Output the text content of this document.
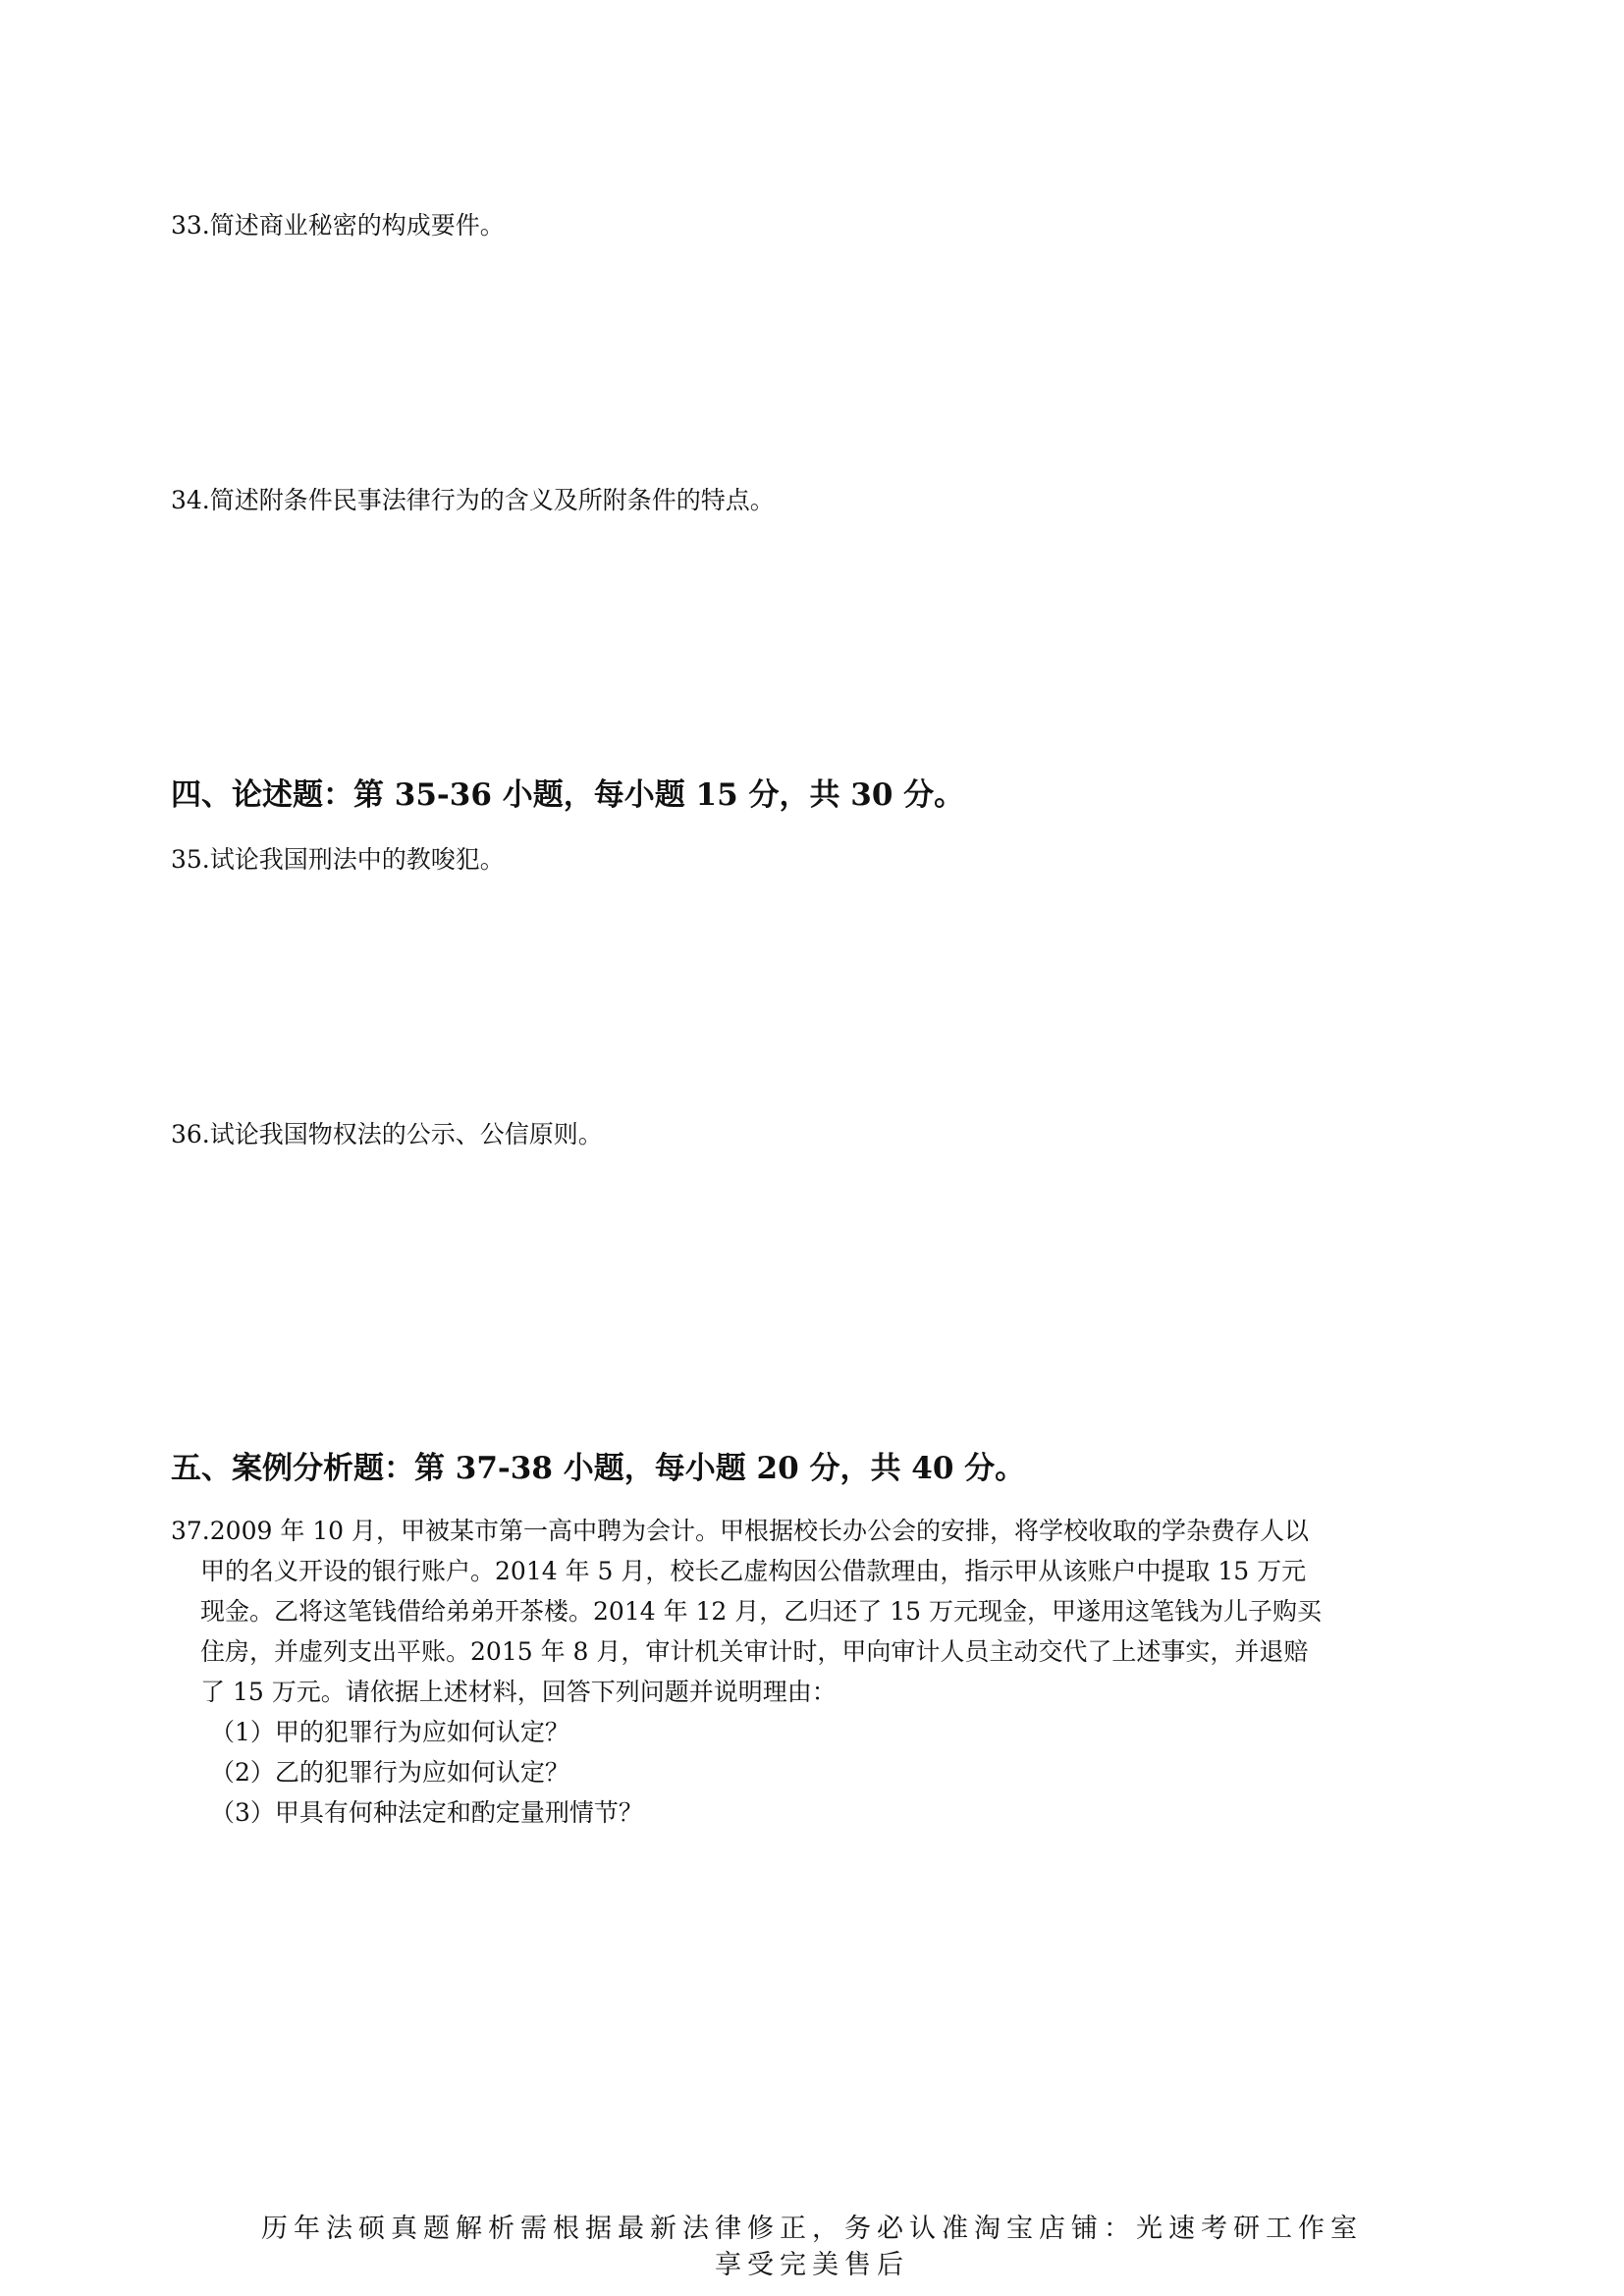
33.简述商业秘密的构成要件。

34.简述附条件民事法律行为的含义及所附条件的特点。

四、论述题：第 35-36 小题，每小题 15 分，共 30 分。

35.试论我国刑法中的教唆犯。

36.试论我国物权法的公示、公信原则。

五、案例分析题：第 37-38 小题，每小题 20 分，共 40 分。

37.2009 年 10 月，甲被某市第一高中聘为会计。甲根据校长办公会的安排，将学校收取的学杂费存人以

甲的名义开设的银行账户。2014 年 5 月，校长乙虚构因公借款理由，指示甲从该账户中提取 15 万元

现金。乙将这笔钱借给弟弟开茶楼。2014 年 12 月，乙归还了 15 万元现金，甲遂用这笔钱为儿子购买

住房，并虚列支出平账。2015 年 8 月，审计机关审计时，甲向审计人员主动交代了上述事实，并退赔

了 15 万元。请依据上述材料，回答下列问题并说明理由：

（1）甲的犯罪行为应如何认定？

（2）乙的犯罪行为应如何认定？

（3）甲具有何种法定和酌定量刑情节？

历年法硕真题解析需根据最新法律修正，务必认准淘宝店铺：光速考研工作室

享受完美售后
